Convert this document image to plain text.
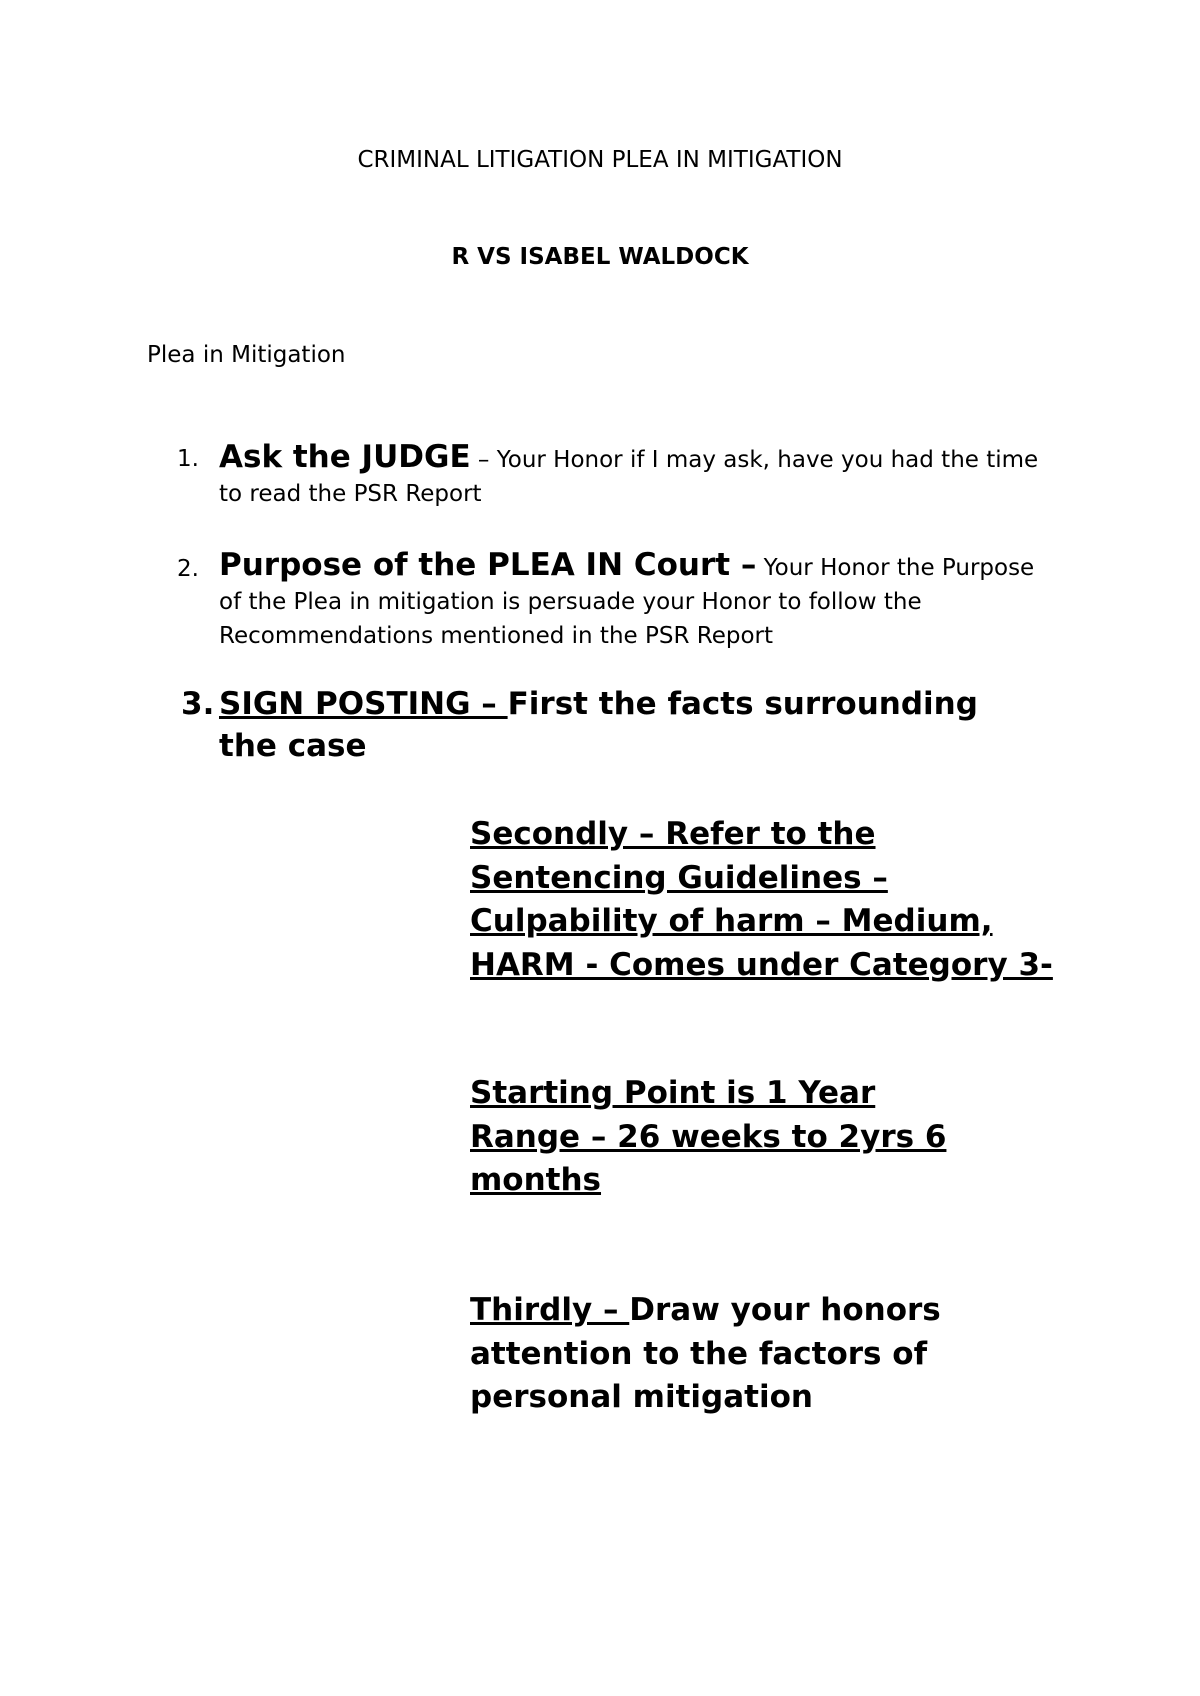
CRIMINAL LITIGATION PLEA IN MITIGATION
R VS ISABEL WALDOCK
Plea in Mitigation
1. Ask the JUDGE – Your Honor if I may ask, have you had the time to read the PSR Report
2. Purpose of the PLEA IN Court – Your Honor the Purpose of the Plea in mitigation is persuade your Honor to follow the Recommendations mentioned in the PSR Report
3. SIGN POSTING – First the facts surrounding the case
Secondly – Refer to the Sentencing Guidelines – Culpability of harm – Medium, HARM - Comes under Category 3-
Starting Point is 1 Year
Range – 26 weeks to 2yrs 6 months
Thirdly – Draw your honors attention to the factors of personal mitigation
